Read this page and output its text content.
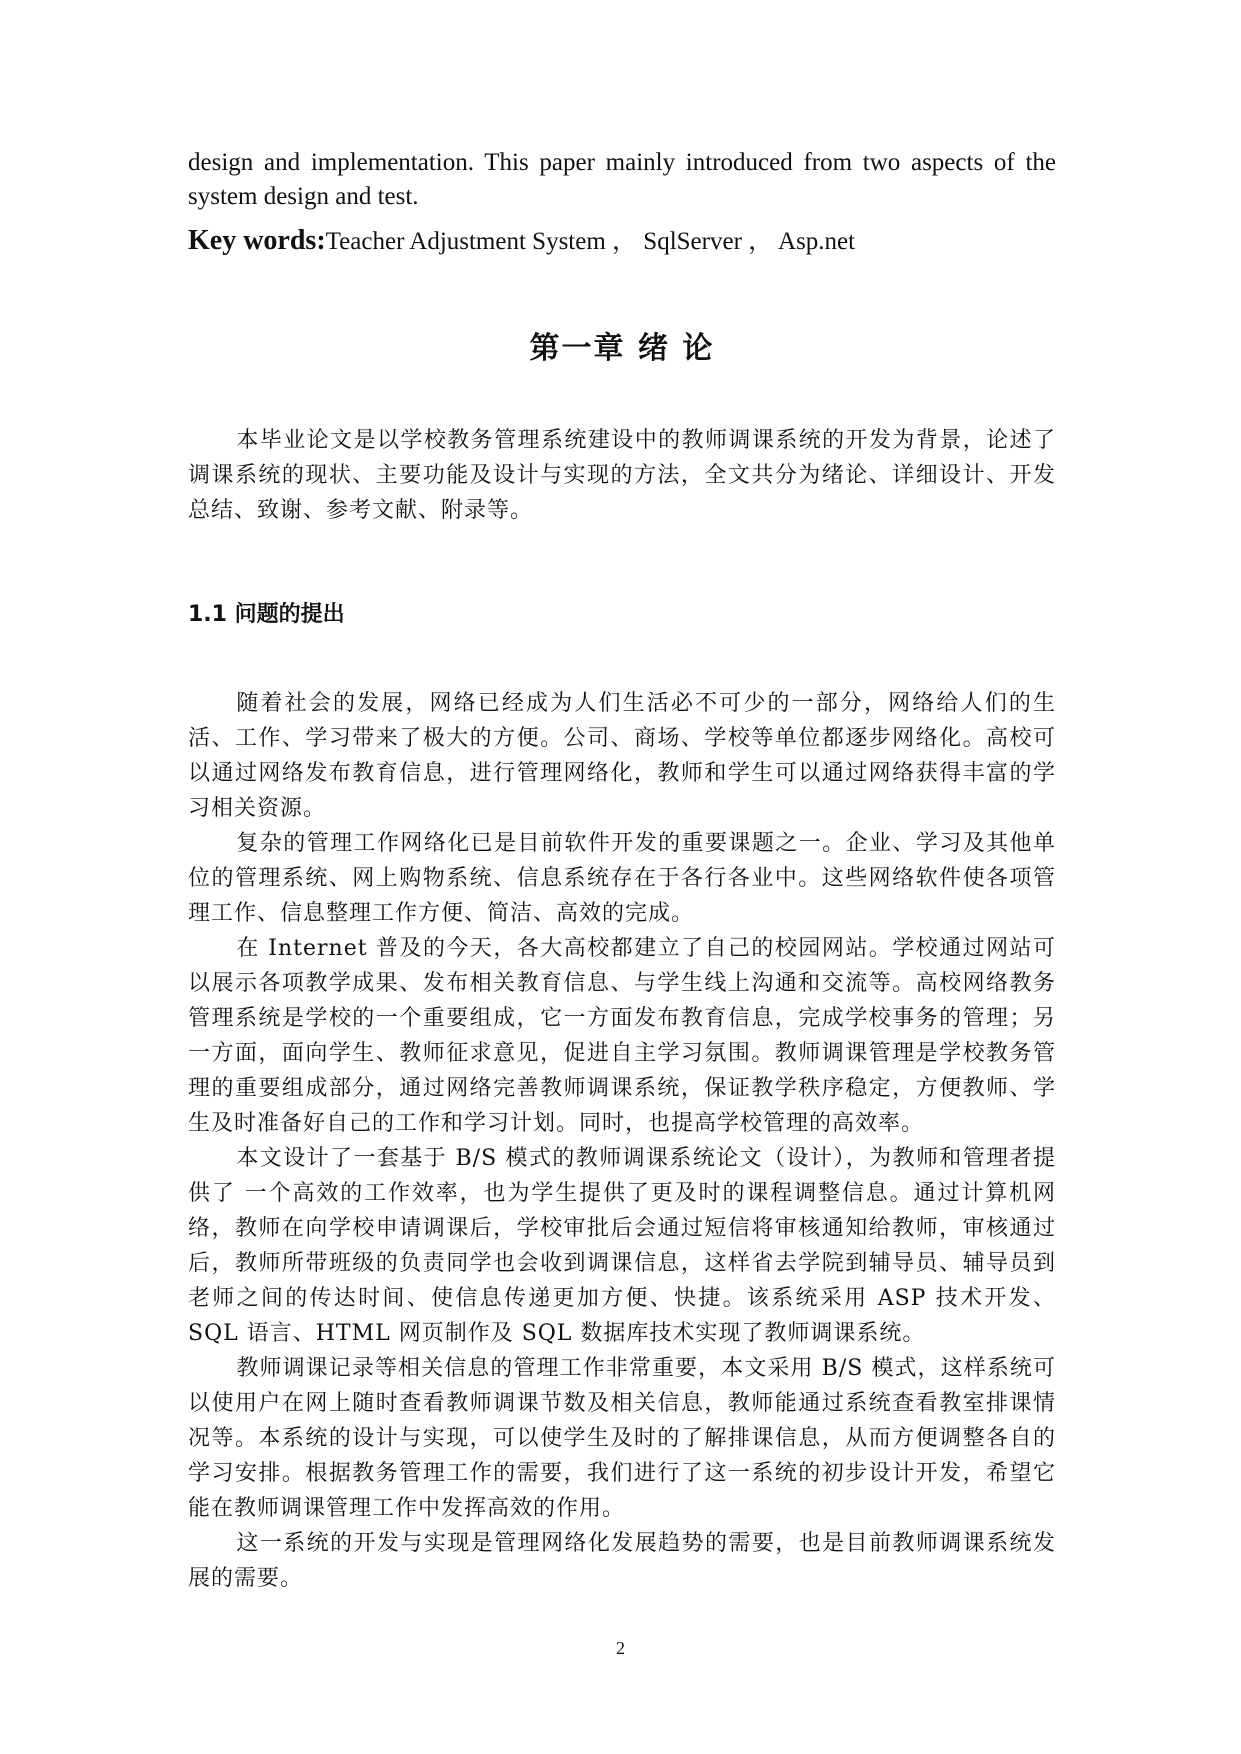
design and implementation. This paper mainly introduced from two aspects of the system design and test.

Key words:Teacher Adjustment System ， SqlServer ， Asp.net

第一章 绪 论

本毕业论文是以学校教务管理系统建设中的教师调课系统的开发为背景，论述了调课系统的现状、主要功能及设计与实现的方法，全文共分为绪论、详细设计、开发总结、致谢、参考文献、附录等。

1.1 问题的提出

随着社会的发展，网络已经成为人们生活必不可少的一部分，网络给人们的生活、工作、学习带来了极大的方便。公司、商场、学校等单位都逐步网络化。高校可以通过网络发布教育信息，进行管理网络化，教师和学生可以通过网络获得丰富的学习相关资源。

复杂的管理工作网络化已是目前软件开发的重要课题之一。企业、学习及其他单位的管理系统、网上购物系统、信息系统存在于各行各业中。这些网络软件使各项管理工作、信息整理工作方便、简洁、高效的完成。

在 Internet 普及的今天，各大高校都建立了自己的校园网站。学校通过网站可以展示各项教学成果、发布相关教育信息、与学生线上沟通和交流等。高校网络教务管理系统是学校的一个重要组成，它一方面发布教育信息，完成学校事务的管理；另一方面，面向学生、教师征求意见，促进自主学习氛围。教师调课管理是学校教务管理的重要组成部分，通过网络完善教师调课系统，保证教学秩序稳定，方便教师、学生及时准备好自己的工作和学习计划。同时，也提高学校管理的高效率。

本文设计了一套基于 B/S 模式的教师调课系统论文（设计），为教师和管理者提供了 一个高效的工作效率，也为学生提供了更及时的课程调整信息。通过计算机网络，教师在向学校申请调课后，学校审批后会通过短信将审核通知给教师，审核通过后，教师所带班级的负责同学也会收到调课信息，这样省去学院到辅导员、辅导员到老师之间的传达时间、使信息传递更加方便、快捷。该系统采用 ASP 技术开发、SQL 语言、HTML 网页制作及 SQL 数据库技术实现了教师调课系统。

教师调课记录等相关信息的管理工作非常重要，本文采用 B/S 模式，这样系统可以使用户在网上随时查看教师调课节数及相关信息，教师能通过系统查看教室排课情况等。本系统的设计与实现，可以使学生及时的了解排课信息，从而方便调整各自的学习安排。根据教务管理工作的需要，我们进行了这一系统的初步设计开发，希望它能在教师调课管理工作中发挥高效的作用。

这一系统的开发与实现是管理网络化发展趋势的需要，也是目前教师调课系统发展的需要。

2
